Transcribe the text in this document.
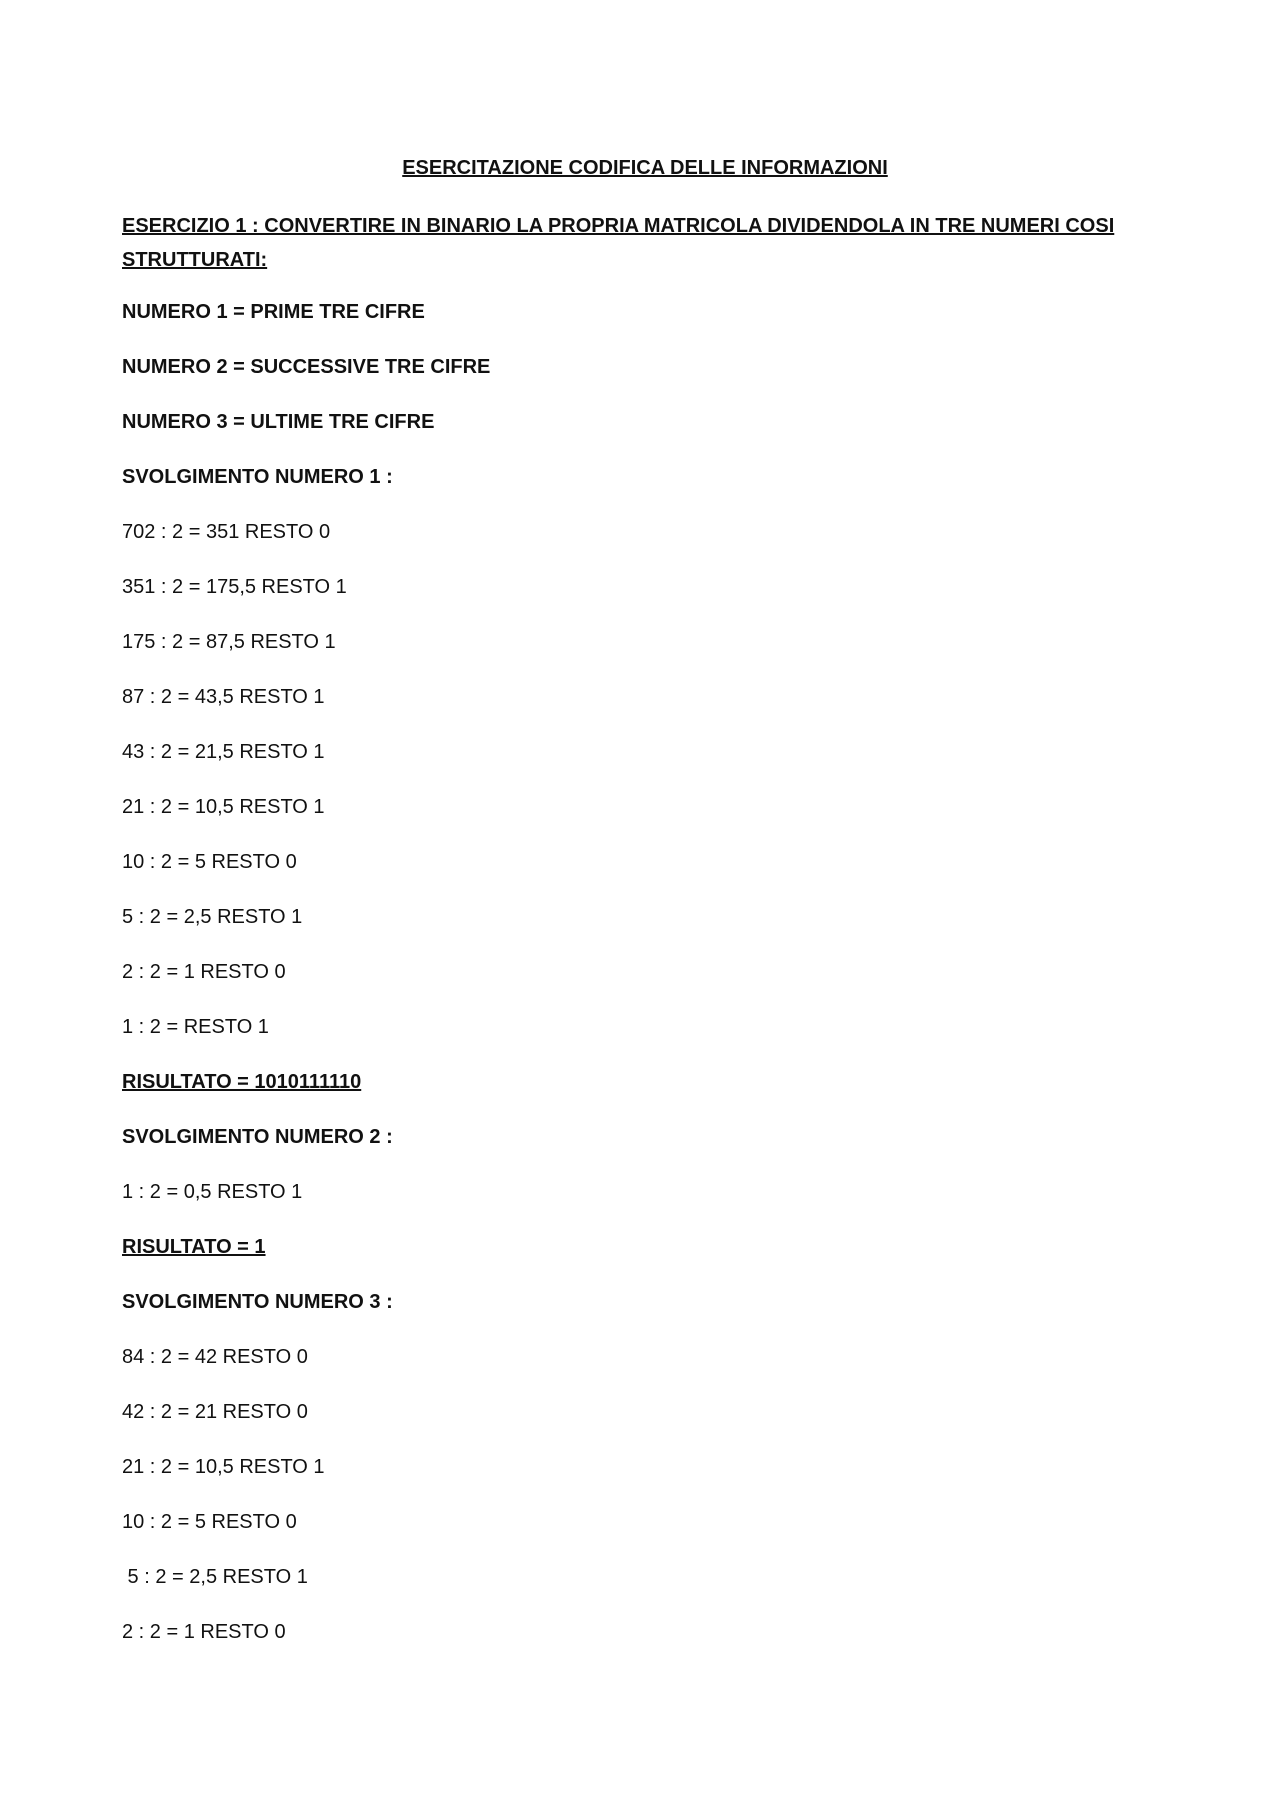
ESERCITAZIONE CODIFICA DELLE INFORMAZIONI
ESERCIZIO 1 : CONVERTIRE IN BINARIO LA PROPRIA MATRICOLA DIVIDENDOLA IN TRE NUMERI COSI STRUTTURATI:
NUMERO 1 = PRIME TRE CIFRE
NUMERO 2 = SUCCESSIVE TRE CIFRE
NUMERO 3 = ULTIME TRE CIFRE
SVOLGIMENTO NUMERO 1 :
702 : 2 = 351 RESTO 0
351 : 2 = 175,5 RESTO 1
175 : 2 = 87,5 RESTO 1
87 : 2 = 43,5 RESTO 1
43 : 2 = 21,5 RESTO 1
21 : 2 = 10,5 RESTO 1
10 : 2 = 5 RESTO 0
5 : 2 = 2,5 RESTO 1
2 : 2 = 1 RESTO 0
1 : 2 = RESTO 1
RISULTATO = 1010111110
SVOLGIMENTO NUMERO 2 :
1 : 2 = 0,5 RESTO 1
RISULTATO = 1
SVOLGIMENTO NUMERO 3 :
84 : 2 = 42 RESTO 0
42 : 2 = 21 RESTO 0
21 : 2 = 10,5 RESTO 1
10 : 2 = 5 RESTO 0
5 : 2 = 2,5 RESTO 1
2 : 2 = 1 RESTO 0
